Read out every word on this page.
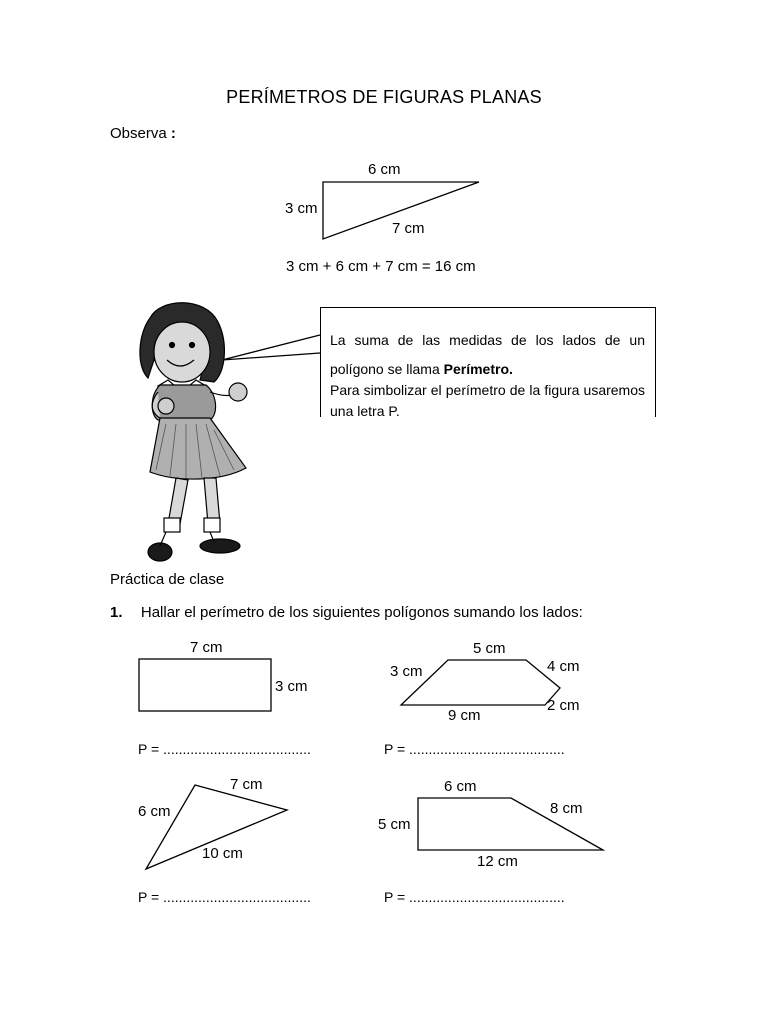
PERÍMETROS DE FIGURAS PLANAS
Observa :
6 cm
3 cm
7 cm
3 cm + 6 cm + 7 cm = 16 cm

La suma de las medidas de los lados de un

polígono se llama Perímetro.

Para simbolizar el perímetro de la figura usaremos

una letra P.

Práctica de clase
1. Hallar el perímetro de los siguientes polígonos sumando los lados:
7 cm
3 cm
5 cm
3 cm	4 cm
9 cm
2 cm
P = ......................................	P = ........................................
7 cm
6 cm
10 cm
6 cm
5 cm
8 cm
12 cm
P = ......................................	P = ........................................
